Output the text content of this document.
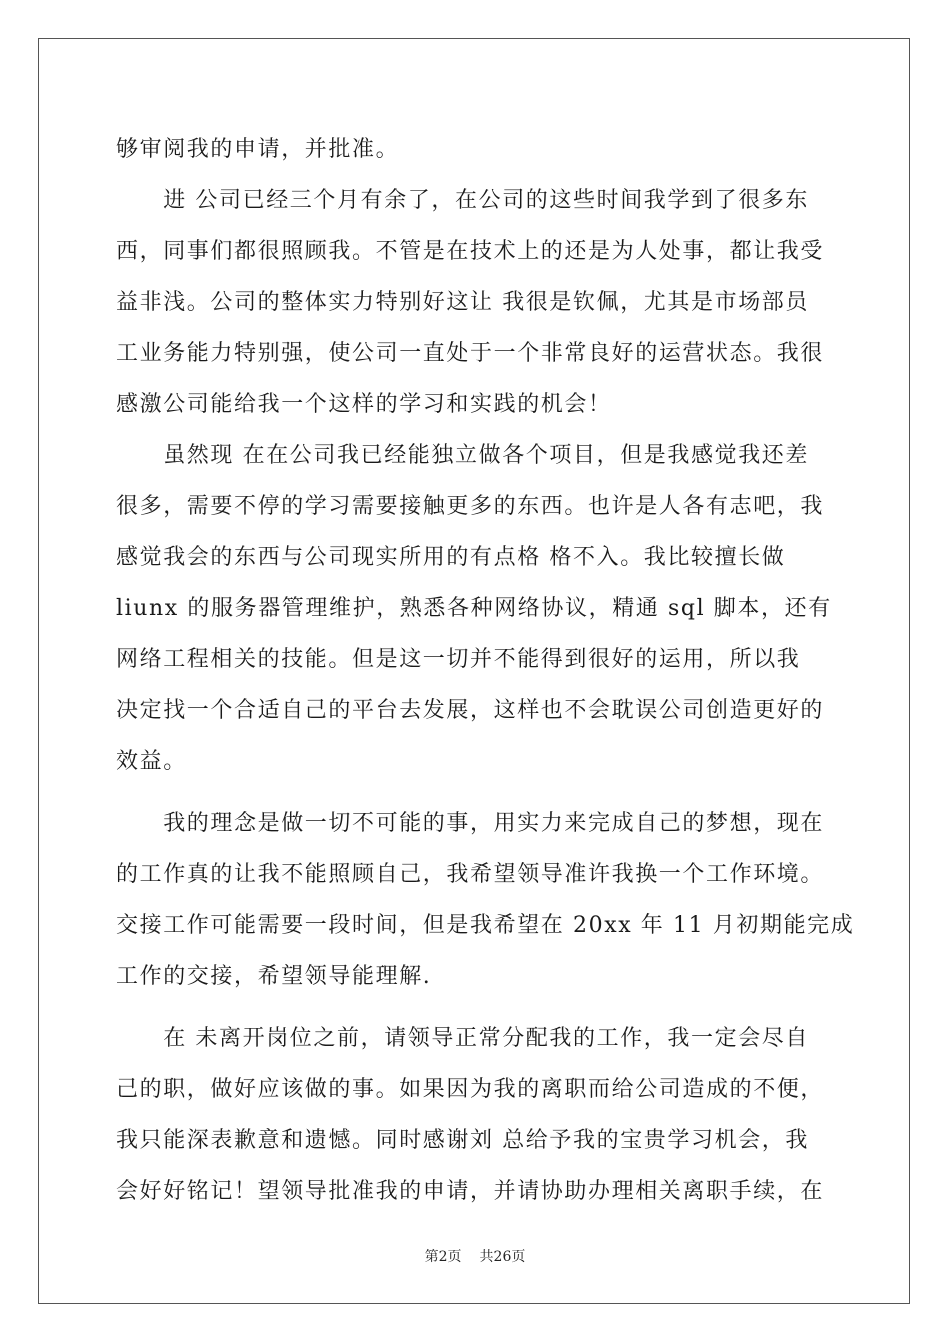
够审阅我的申请，并批准。
　　进 公司已经三个月有余了，在公司的这些时间我学到了很多东
西，同事们都很照顾我。不管是在技术上的还是为人处事，都让我受
益非浅。公司的整体实力特别好这让 我很是钦佩，尤其是市场部员
工业务能力特别强，使公司一直处于一个非常良好的运营状态。我很
感激公司能给我一个这样的学习和实践的机会！
　　虽然现 在在公司我已经能独立做各个项目，但是我感觉我还差
很多，需要不停的学习需要接触更多的东西。也许是人各有志吧，我
感觉我会的东西与公司现实所用的有点格 格不入。我比较擅长做
liunx 的服务器管理维护，熟悉各种网络协议，精通 sql 脚本，还有
网络工程相关的技能。但是这一切并不能得到很好的运用，所以我
决定找一个合适自己的平台去发展，这样也不会耽误公司创造更好的
效益。
　　我的理念是做一切不可能的事，用实力来完成自己的梦想，现在
的工作真的让我不能照顾自己，我希望领导准许我换一个工作环境。
交接工作可能需要一段时间，但是我希望在 20xx 年 11 月初期能完成
工作的交接，希望领导能理解.
　　在 未离开岗位之前，请领导正常分配我的工作，我一定会尽自
己的职，做好应该做的事。如果因为我的离职而给公司造成的不便，
我只能深表歉意和遗憾。同时感谢刘 总给予我的宝贵学习机会，我
会好好铭记！望领导批准我的申请，并请协助办理相关离职手续，在
第2页 共26页
